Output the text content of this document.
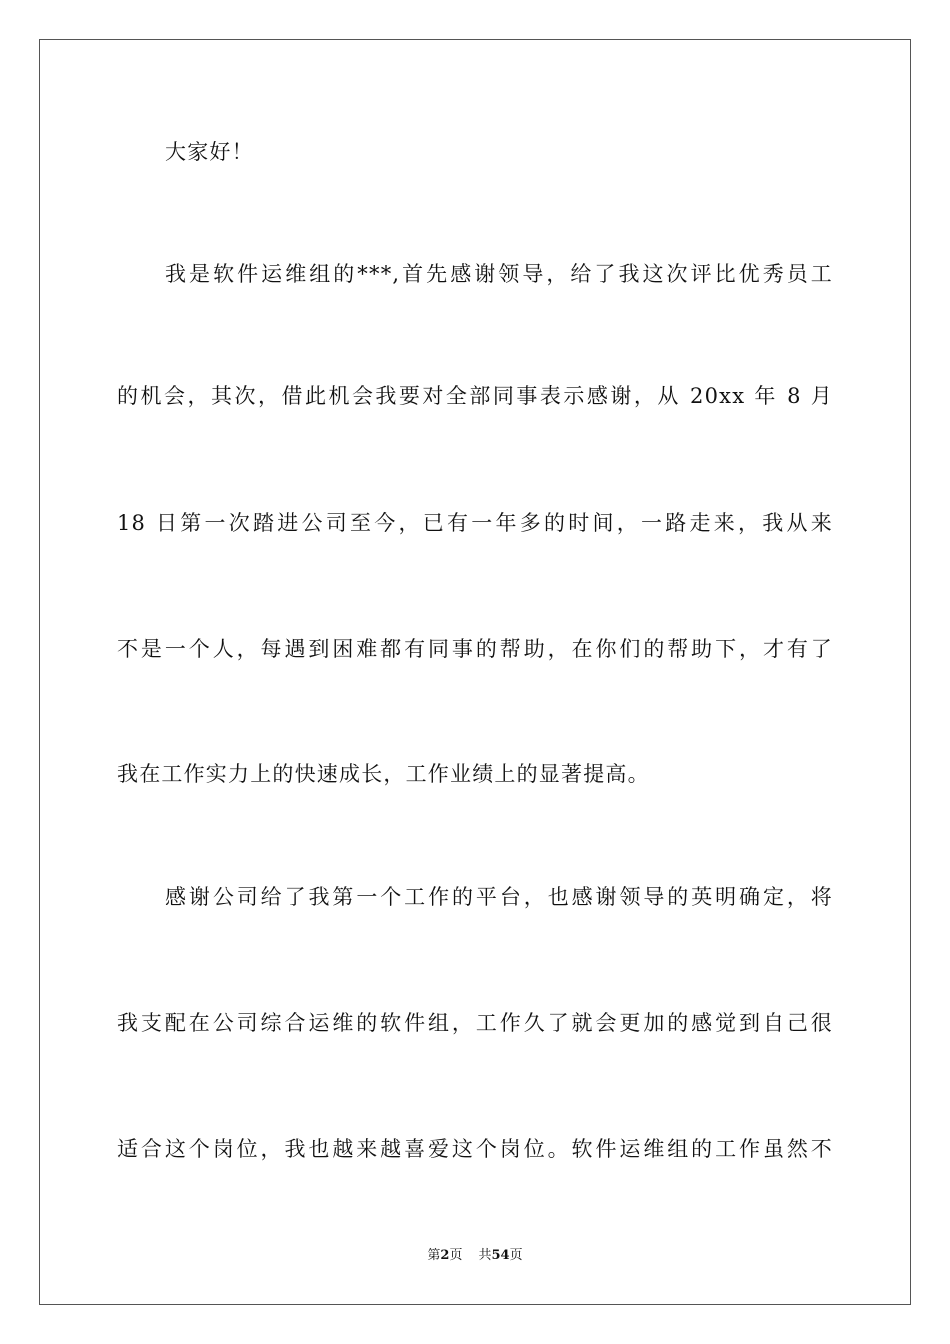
大家好！
我是软件运维组的***,首先感谢领导，给了我这次评比优秀员工
的机会，其次，借此机会我要对全部同事表示感谢，从 20xx 年 8 月
18 日第一次踏进公司至今，已有一年多的时间，一路走来，我从来
不是一个人，每遇到困难都有同事的帮助，在你们的帮助下，才有了
我在工作实力上的快速成长，工作业绩上的显著提高。
感谢公司给了我第一个工作的平台，也感谢领导的英明确定，将
我支配在公司综合运维的软件组，工作久了就会更加的感觉到自己很
适合这个岗位，我也越来越喜爱这个岗位。软件运维组的工作虽然不
第2页 共54页
